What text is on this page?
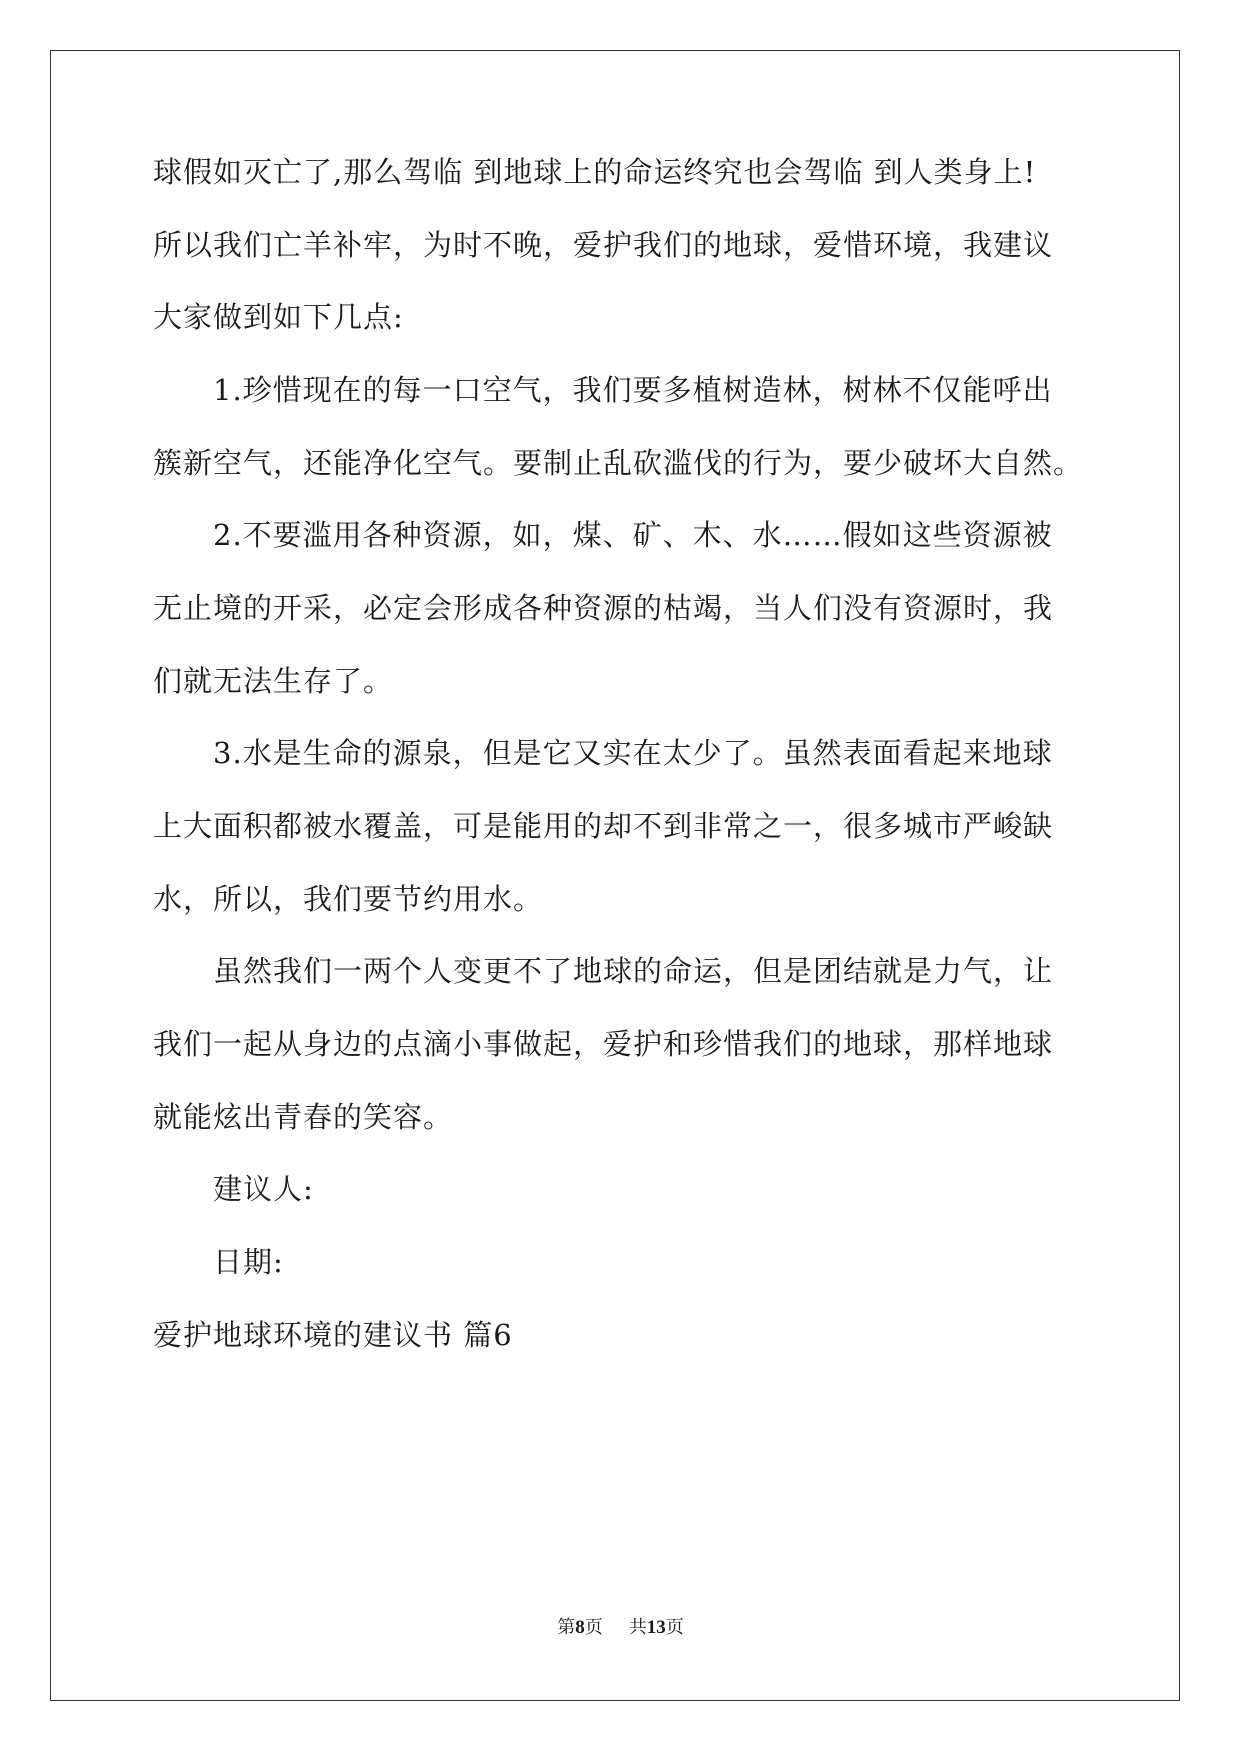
球假如灭亡了,那么驾临 到地球上的命运终究也会驾临 到人类身上!
所以我们亡羊补牢，为时不晚，爱护我们的地球，爱惜环境，我建议
大家做到如下几点:
1.珍惜现在的每一口空气，我们要多植树造林，树林不仅能呼出
簇新空气，还能净化空气。要制止乱砍滥伐的行为，要少破坏大自然。
2.不要滥用各种资源，如，煤、矿、木、水……假如这些资源被
无止境的开采，必定会形成各种资源的枯竭，当人们没有资源时，我
们就无法生存了。
3.水是生命的源泉，但是它又实在太少了。虽然表面看起来地球
上大面积都被水覆盖，可是能用的却不到非常之一，很多城市严峻缺
水，所以，我们要节约用水。
虽然我们一两个人变更不了地球的命运，但是团结就是力气，让
我们一起从身边的点滴小事做起，爱护和珍惜我们的地球，那样地球
就能炫出青春的笑容。
建议人:
日期:
爱护地球环境的建议书 篇6
第8页 共13页
